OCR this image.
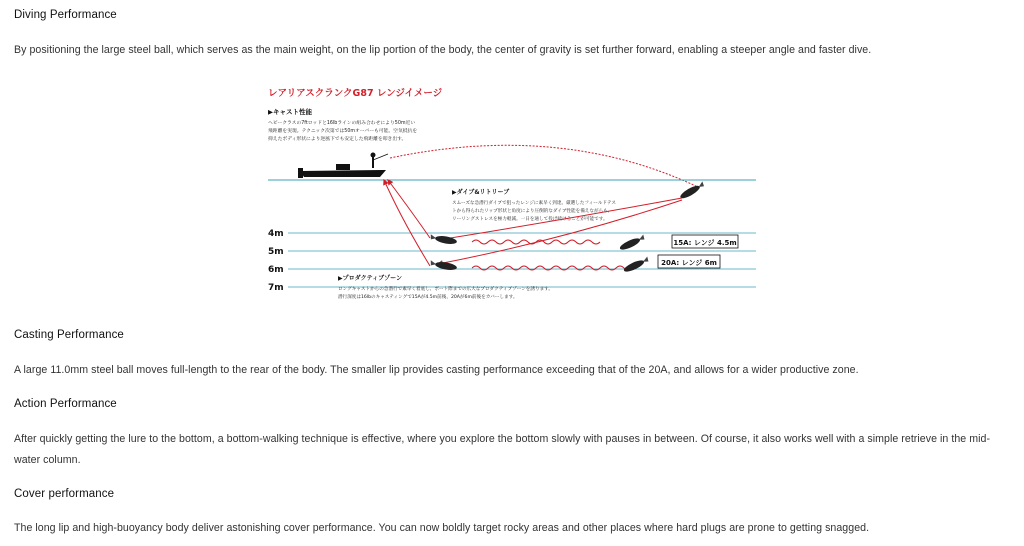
Diving Performance
By positioning the large steel ball, which serves as the main weight, on the lip portion of the body, the center of gravity is set further forward, enabling a steeper angle and faster dive.
レアリアスクランクG87 レンジイメージ
▶キャスト性能
ヘビークラスの7ftロッドと16lbラインの組み合わせにより50m近い
飛距離を実現。テクニック次第では50mオーバーも可能。空気抵抗を
抑えたボディ形状により逆風下でも安定した飛距離を叩き出す。
▶ダイブ&リトリーブ
スムーズな急潜行ダイブで狙ったレンジに素早く到達。厳選したフィールドテス
トから得られたリップ形状と角度により圧倒的なダイブ性能を備えながらも、
リーリングストレスを極力軽減。一日を通して投げ続けることが可能です。
4m
5m
6m
7m
15A: レンジ 4.5m
20A: レンジ 6m
▶プロダクティブゾーン
ロングキャストからの急潜行で素早く着底し、ボート際までの広大なプロダクティブゾーンを誘ります。
潜行深度は16lbのキャスティングで15Aが4.5m前後、20Aが6m前後をカバーします。
Casting Performance
A large 11.0mm steel ball moves full-length to the rear of the body. The smaller lip provides casting performance exceeding that of the 20A, and allows for a wider productive zone.
Action Performance
After quickly getting the lure to the bottom, a bottom-walking technique is effective, where you explore the bottom slowly with pauses in between. Of course, it also works well with a simple retrieve in the mid-water column.
Cover performance
The long lip and high-buoyancy body deliver astonishing cover performance. You can now boldly target rocky areas and other places where hard plugs are prone to getting snagged.
